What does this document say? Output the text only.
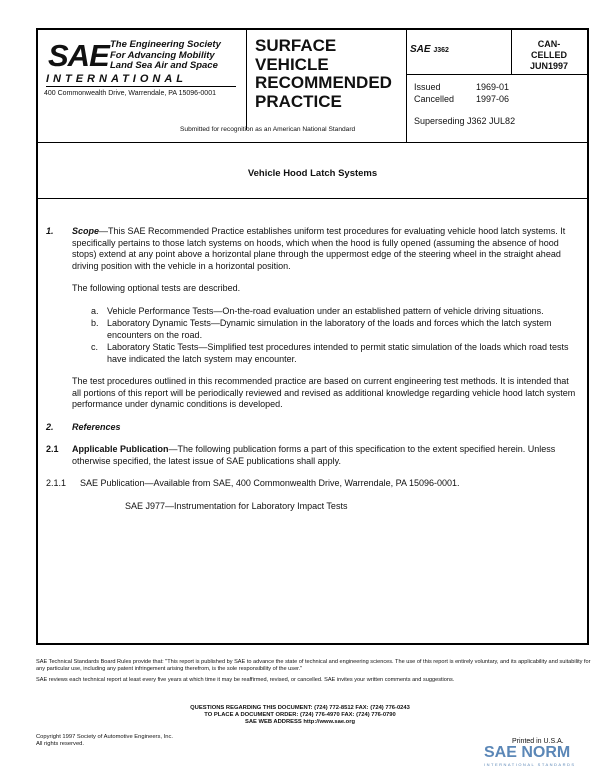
SAE The Engineering Society
For Advancing Mobility
Land Sea Air and Space
INTERNATIONAL
400 Commonwealth Drive, Warrendale, PA 15096-0001
Submitted for recognition as an American National Standard
SURFACE
VEHICLE
RECOMMENDED
PRACTICE
SAE J362
CAN-
CELLED
JUN1997
Issued	1969-01
Cancelled 1997-06
Superseding J362 JUL82
Vehicle Hood Latch Systems
1.	Scope—This SAE Recommended Practice establishes uniform test procedures for evaluating vehicle hood latch systems. It specifically pertains to those latch systems on hoods, which when the hood is fully opened (assuming the absence of hood stops) extend at any point above a horizontal plane through the uppermost edge of the steering wheel in the straight ahead driving position with the vehicle in a horizontal position.

The following optional tests are described.

a. Vehicle Performance Tests—On-the-road evaluation under an established pattern of vehicle driving situations.
b. Laboratory Dynamic Tests—Dynamic simulation in the laboratory of the loads and forces which the latch system encounters on the road.
c. Laboratory Static Tests—Simplified test procedures intended to permit static simulation of the loads which road tests have indicated the latch system may encounter.

The test procedures outlined in this recommended practice are based on current engineering test methods. It is intended that all portions of this report will be periodically reviewed and revised as additional knowledge regarding vehicle hood latch system performance under dynamic conditions is developed.

2.	References
2.1	Applicable Publication—The following publication forms a part of this specification to the extent specified herein. Unless otherwise specified, the latest issue of SAE publications shall apply.

2.1.1	SAE Publication—Available from SAE, 400 Commonwealth Drive, Warrendale, PA 15096-0001.

SAE J977—Instrumentation for Laboratory Impact Tests

SAE Technical Standards Board Rules provide that: "This report is published by SAE to advance the state of technical and engineering sciences. The use of this report is entirely voluntary, and its applicability and suitability for any particular use, including any patent infringement arising therefrom, is the sole responsibility of the user."
SAE reviews each technical report at least every five years at which time it may be reaffirmed, revised, or cancelled. SAE invites your written comments and suggestions.
QUESTIONS REGARDING THIS DOCUMENT: (724) 772-8512 FAX: (724) 776-0243
TO PLACE A DOCUMENT ORDER: (724) 776-4970 FAX: (724) 776-0790
SAE WEB ADDRESS http://www.sae.org
Copyright 1997 Society of Automotive Engineers, Inc.
All rights reserved.	Printed in U.S.A.
SAE NORM
INTERNATIONAL STANDARDS
